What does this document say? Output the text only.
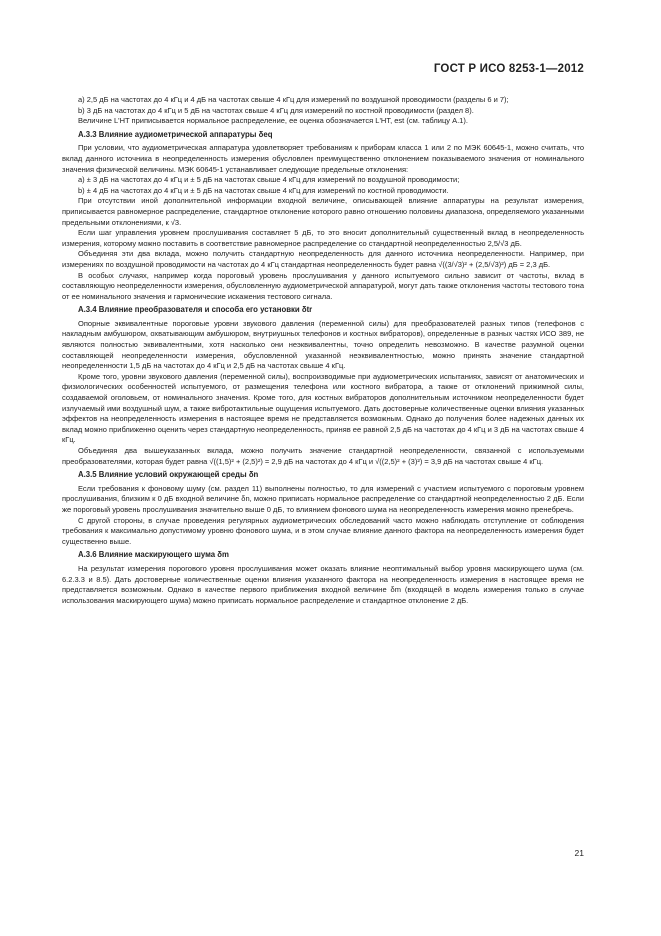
ГОСТ Р ИСО 8253-1—2012

а) 2,5 дБ на частотах до 4 кГц и 4 дБ на частотах свыше 4 кГц для измерений по воздушной проводимости (разделы 6 и 7);

b) 3 дБ на частотах до 4 кГц и 5 дБ на частотах свыше 4 кГц для измерений по костной проводимости (раздел 8).

Величине L'HT приписывается нормальное распределение, ее оценка обозначается L'HT, est (см. таблицу А.1).

А.3.3 Влияние аудиометрической аппаратуры δeq

При условии, что аудиометрическая аппаратура удовлетворяет требованиям к приборам класса 1 или 2 по МЭК 60645-1, можно считать, что вклад данного источника в неопределенность измерения обусловлен преимущественно отклонением показываемого значения от номинального значения физической величины. МЭК 60645-1 устанавливает следующие предельные отклонения:

а) ± 3 дБ на частотах до 4 кГц и ± 5 дБ на частотах свыше 4 кГц для измерений по воздушной проводимости;

b) ± 4 дБ на частотах до 4 кГц и ± 5 дБ на частотах свыше 4 кГц для измерений по костной проводимости.

При отсутствии иной дополнительной информации входной величине, описывающей влияние аппаратуры на результат измерения, приписывается равномерное распределение, стандартное отклонение которого равно отношению половины диапазона, определяемого указанными предельными отклонениями, к √3.

Если шаг управления уровнем прослушивания составляет 5 дБ, то это вносит дополнительный существенный вклад в неопределенность измерения, которому можно поставить в соответствие равномерное распределение со стандартной неопределенностью 2,5/√3 дБ.

Объединяя эти два вклада, можно получить стандартную неопределенность для данного источника неопределенности. Например, при измерениях по воздушной проводимости на частотах до 4 кГц стандартная неопределенность будет равна √((3/√3)² + (2,5/√3)²) дБ = 2,3 дБ.

В особых случаях, например когда пороговый уровень прослушивания у данного испытуемого сильно зависит от частоты, вклад в составляющую неопределенности измерения, обусловленную аудиометрической аппаратурой, могут дать также отклонения частоты тестового тона от ее номинального значения и гармонические искажения тестового сигнала.

А.3.4 Влияние преобразователя и способа его установки δtr

Опорные эквивалентные пороговые уровни звукового давления (переменной силы) для преобразователей разных типов (телефонов с накладным амбушюром, охватывающим амбушюром, внутриушных телефонов и костных вибраторов), определенные в разных частях ИСО 389, не являются полностью эквивалентными, хотя насколько они неэквивалентны, точно определить невозможно. В качестве разумной оценки составляющей неопределенности измерения, обусловленной указанной неэквивалентностью, можно принять значение стандартной неопределенности 1,5 дБ на частотах до 4 кГц и 2,5 дБ на частотах свыше 4 кГц.

Кроме того, уровни звукового давления (переменной силы), воспроизводимые при аудиометрических испытаниях, зависят от анатомических и физиологических особенностей испытуемого, от размещения телефона или костного вибратора, а также от отклонений прижимной силы, создаваемой оголовьем, от номинального значения. Кроме того, для костных вибраторов дополнительным источником неопределенности будет излучаемый ими воздушный шум, а также вибротактильные ощущения испытуемого. Дать достоверные количественные оценки влияния указанных эффектов на неопределенность измерения в настоящее время не представляется возможным. Однако до получения более надежных данных их вклад можно приближенно оценить через стандартную неопределенность, приняв ее равной 2,5 дБ на частотах до 4 кГц и 3 дБ на частотах свыше 4 кГц.

Объединяя два вышеуказанных вклада, можно получить значение стандартной неопределенности, связанной с используемыми преобразователями, которая будет равна √((1,5)² + (2,5)²) = 2,9 дБ на частотах до 4 кГц и √((2,5)² + (3)²) = 3,9 дБ на частотах свыше 4 кГц.

А.3.5 Влияние условий окружающей среды δn

Если требования к фоновому шуму (см. раздел 11) выполнены полностью, то для измерений с участием испытуемого с пороговым уровнем прослушивания, близким к 0 дБ входной величине δn, можно приписать нормальное распределение со стандартной неопределенностью 2 дБ. Если же пороговый уровень прослушивания значительно выше 0 дБ, то влиянием фонового шума на неопределенность измерения можно пренебречь.

С другой стороны, в случае проведения регулярных аудиометрических обследований часто можно наблюдать отступление от соблюдения требования к максимально допустимому уровню фонового шума, и в этом случае влияние данного фактора на неопределенность измерения будет существенно выше.

А.3.6 Влияние маскирующего шума δm

На результат измерения порогового уровня прослушивания может оказать влияние неоптимальный выбор уровня маскирующего шума (см. 6.2.3.3 и 8.5). Дать достоверные количественные оценки влияния указанного фактора на неопределенность измерения в настоящее время не представляется возможным. Однако в качестве первого приближения входной величине δm (входящей в модель измерения только в случае использования маскирующего шума) можно приписать нормальное распределение и стандартное отклонение 2 дБ.

21
